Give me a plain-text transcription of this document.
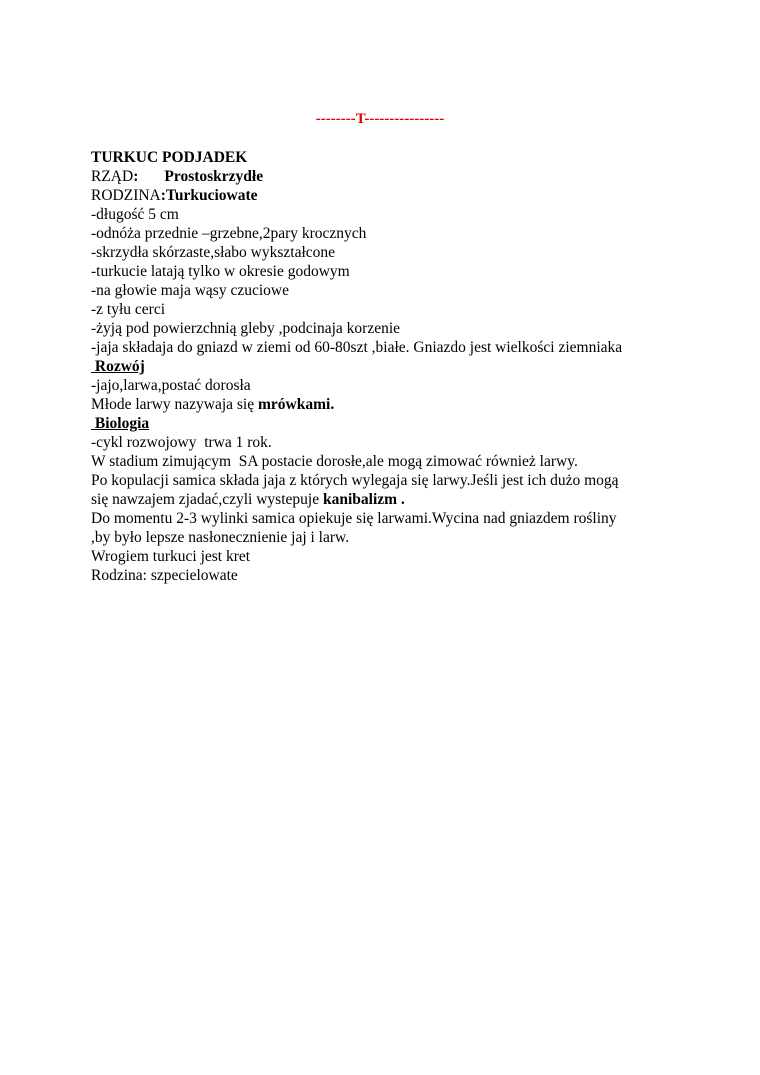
--------T----------------
TURKUC PODJADEK
RZĄD: Prostoskrzydłe
RODZINA:Turkuciowate
-długość 5 cm
-odnóża przednie –grzebne,2pary krocznych
-skrzydła skórzaste,słabo wykształcone
-turkucie latają tylko w okresie godowym
-na głowie maja wąsy czuciowe
-z tyłu cerci
-żyją pod powierzchnią gleby ,podcinaja korzenie
-jaja składaja do gniazd w ziemi od 60-80szt ,białe. Gniazdo jest wielkości ziemniaka
Rozwój
-jajo,larwa,postać dorosła
Młode larwy nazywaja się mrówkami.
Biologia
-cykl rozwojowy  trwa 1 rok.
W stadium zimującym  SA postacie dorosłe,ale mogą zimować również larwy.
Po kopulacji samica składa jaja z których wylegaja się larwy.Jeśli jest ich dużo mogą
się nawzajem zjadać,czyli wystepuje kanibalizm .
Do momentu 2-3 wylinki samica opiekuje się larwami.Wycina nad gniazdem rośliny
,by było lepsze nasłonecznienie jaj i larw.
Wrogiem turkuci jest kret
Rodzina: szpecielowate
